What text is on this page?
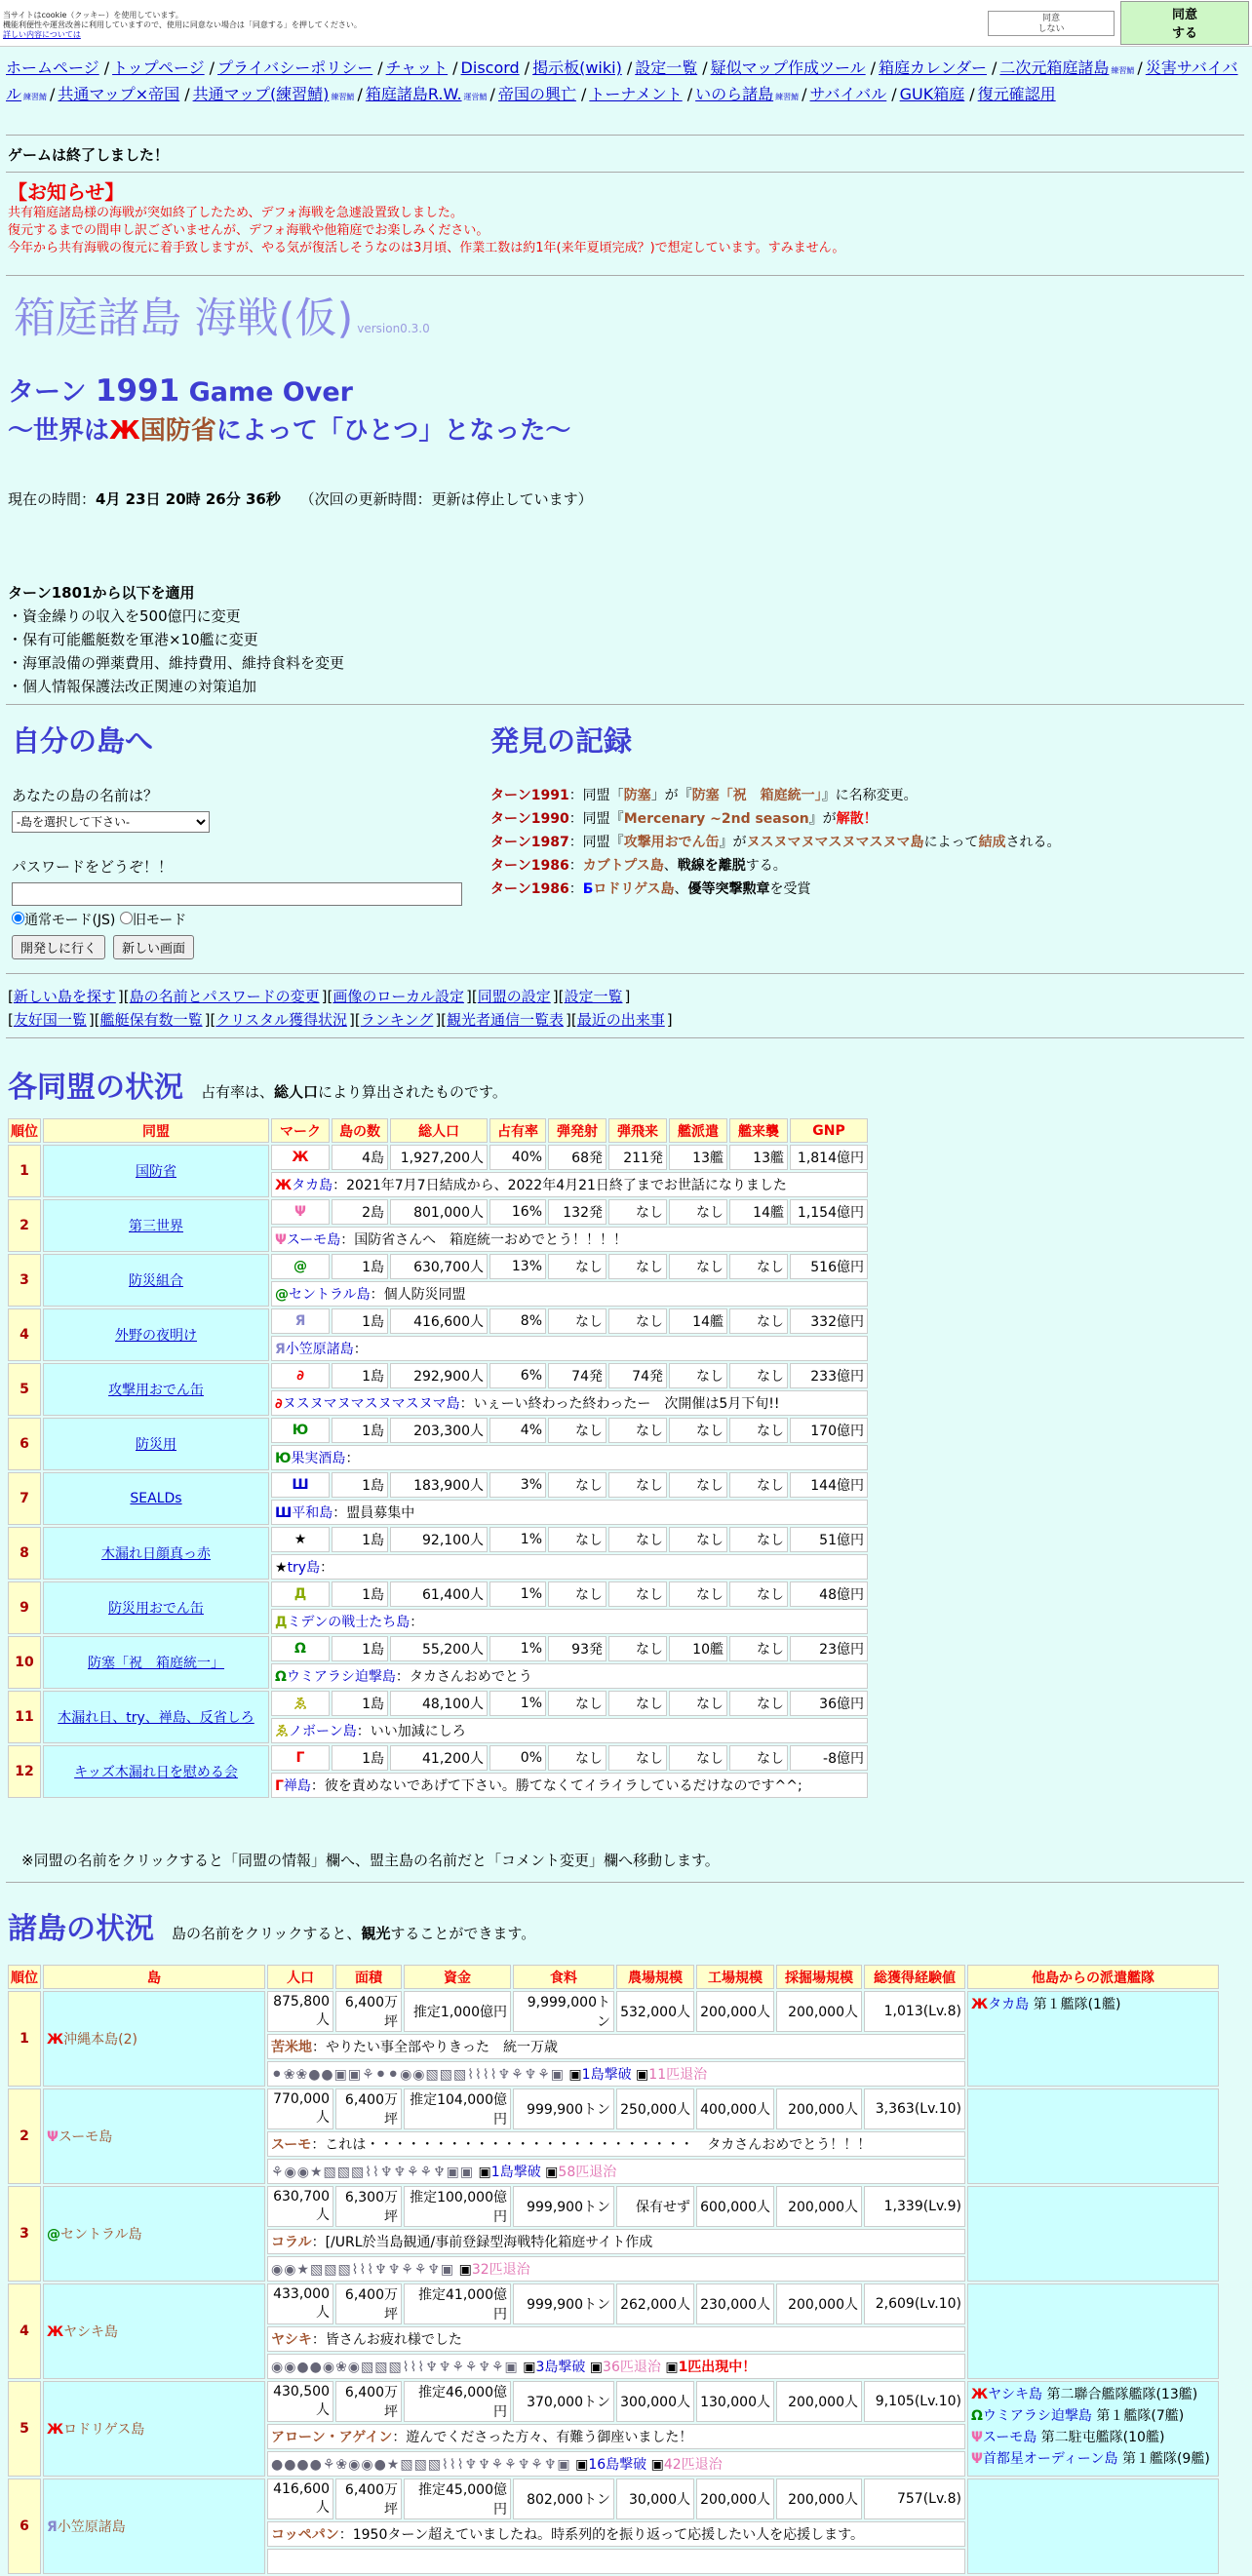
当サイトはcookie（クッキー）を使用しています。
機能利便性や運営改善に利用していますので、使用に同意ない場合は「同意する」を押してください。
詳しい内容については
同意
しない
同意
する
ホームページ / トップページ / プライバシーポリシー / チャット / Discord / 掲示板(wiki) / 設定一覧 / 疑似マップ作成ツール / 箱庭カレンダー / 二次元箱庭諸島 練習鯖 / 災害サバイバル 練習鯖 / 共通マップ×帝国 / 共通マップ(練習鯖) 練習鯖 / 箱庭諸島R.W. 運営鯖 / 帝国の興亡 / トーナメント / いのら諸島 練習鯖 / サバイバル / GUK箱庭 / 復元確認用
ゲームは終了しました！
【お知らせ】
共有箱庭諸島様の海戦が突如終了したため、デフォ海戦を急遽設置致しました。
復元するまでの間申し訳ございませんが、デフォ海戦や他箱庭でお楽しみください。
今年から共有海戦の復元に着手致しますが、やる気が復活しそうなのは3月頃、作業工数は約1年(来年夏頃完成？)で想定しています。すみません。
箱庭諸島 海戦(仮) version0.3.0
ターン 1991 Game Over
〜世界はЖ国防省によって「ひとつ」となった〜
現在の時間：4月 23日 20時 26分 36秒　 （次回の更新時間：更新は停止しています）
ターン1801から以下を適用
・資金繰りの収入を500億円に変更
・保有可能艦艇数を軍港×10艦に変更
・海軍設備の弾薬費用、維持費用、維持食料を変更
・個人情報保護法改正関連の対策追加
自分の島へ	発見の記録
あなたの島の名前は？
-島を選択して下さい-
パスワードをどうぞ！！
通常モード(JS) 旧モード
開発しに行く 新しい画面
ターン1991：同盟「防塞」が『防塞「祝　箱庭統一」』に名称変更。
ターン1990：同盟『Mercenary ~2nd season』が解散！
ターン1987：同盟『攻撃用おでん缶』がヌスヌマヌマスヌマスヌマ島によって結成される。
ターン1986：カブトプス島、戦線を離脱する。
ターン1986：Бロドリゲス島、優等突撃勲章を受賞
[新しい島を探す ][島の名前とパスワードの変更 ][画像のローカル設定 ][同盟の設定 ][設定一覧 ]
[友好国一覧 ][艦艇保有数一覧 ][クリスタル獲得状況 ][ランキング ][観光者通信一覧表 ][最近の出来事 ]
各同盟の状況 占有率は、総人口により算出されたものです。
順位	同盟	マーク	島の数	総人口	占有率	弾発射	弾飛来	艦派遣	艦来襲	GNP
1	国防省	Ж	4島	1,927,200人	40%	68発	211発	13艦	13艦	1,814億円
		Жタカ島：2021年7月7日結成から、2022年4月21日終了までお世話になりました								
2	第三世界	Ψ	2島	801,000人	16%	132発	なし	なし	14艦	1,154億円
		Ψスーモ島：国防省さんへ　箱庭統一おめでとう！！！！								
3	防災組合	@	1島	630,700人	13%	なし	なし	なし	なし	516億円
		@セントラル島：個人防災同盟								
4	外野の夜明け	Я	1島	416,600人	8%	なし	なし	14艦	なし	332億円
		Я小笠原諸島：								
5	攻撃用おでん缶	∂	1島	292,900人	6%	74発	74発	なし	なし	233億円
		∂ヌスヌマヌマスヌマスヌマ島：いぇーい終わった終わったー　次開催は5月下旬!!								
6	防災用	Ю	1島	203,300人	4%	なし	なし	なし	なし	170億円
		Ю果実酒島：								
7	SEALDs	Ш	1島	183,900人	3%	なし	なし	なし	なし	144億円
		Ш平和島：盟員募集中								
8	木漏れ日顔真っ赤	★	1島	92,100人	1%	なし	なし	なし	なし	51億円
		★try島：								
9	防災用おでん缶	Д	1島	61,400人	1%	なし	なし	なし	なし	48億円
		Дミデンの戦士たち島：								
10	防塞「祝　箱庭統一」	Ω	1島	55,200人	1%	93発	なし	10艦	なし	23億円
		Ωウミアラシ迫撃島：タカさんおめでとう								
11	木漏れ日、try、禅島、反省しろ	ゑ	1島	48,100人	1%	なし	なし	なし	なし	36億円
		ゑノボーン島：いい加減にしろ								
12	キッズ木漏れ日を慰める会	Г	1島	41,200人	0%	なし	なし	なし	なし	-8億円
		Г禅島：彼を責めないであげて下さい。勝てなくてイライラしているだけなのです^^;								
※同盟の名前をクリックすると「同盟の情報」欄へ、盟主島の名前だと「コメント変更」欄へ移動します。
諸島の状況 島の名前をクリックすると、観光することができます。
順位	島	人口	面積	資金	食料	農場規模	工場規模	採掘場規模	総獲得経験値	他島からの派遣艦隊
1	Ж沖縄本島(2)	875,800人	6,400万坪	推定1,000億円	9,999,000トン	532,000人	200,000人	200,000人	1,013(Lv.8)	Жタカ島 第１艦隊(1艦)

		苦米地：やりたい事全部やりきった　統一万歳								
		⚫❀❀●●▣▣⚘⚫⚫◉◉▧▧▧⌇⌇⌇⌇♆⚘♆⚘▣ ▣1島撃破 ▣11匹退治								
2	Ψスーモ島	770,000人	6,400万坪	推定104,000億円	999,900トン	250,000人	400,000人	200,000人	3,363(Lv.10)	
		スーモ：これは・・・・・・・・・・・・・・・・・・・・・・・・　タカさんおめでとう！！！								
		⚘◉◉★▧▧▧⌇⌇♆♆⚘⚘♆▣▣ ▣1島撃破 ▣58匹退治								
3	@セントラル島	630,700人	6,300万坪	推定100,000億円	999,900トン	保有せず	600,000人	200,000人	1,339(Lv.9)	
		コラル：[/URL於当島観通/事前登録型海戦特化箱庭サイト作成								
		◉◉★▧▧▧⌇⌇⌇♆♆⚘⚘♆▣ ▣32匹退治								
4	Жヤシキ島	433,000人	6,400万坪	推定41,000億円	999,900トン	262,000人	230,000人	200,000人	2,609(Lv.10)	
		ヤシキ：皆さんお疲れ様でした								
		◉◉●●◉❀◉▧▧▧⌇⌇⌇♆♆⚘⚘♆⚘▣ ▣3島撃破 ▣36匹退治 ▣1匹出現中！								
5	Жロドリゲス島	430,500人	6,400万坪	推定46,000億円	370,000トン	300,000人	130,000人	200,000人	9,105(Lv.10)	Жヤシキ島 第二聯合艦隊艦隊(13艦)
Ωウミアラシ迫撃島 第１艦隊(7艦)
Ψスーモ島 第二駐屯艦隊(10艦)
Ψ首都星オーディーン島 第１艦隊(9艦)

		アローン・アゲイン：遊んでくださった方々、有難う御座いました！								
		●●●●⚘❀◉◉●★▧▧▧⌇⌇⌇♆♆⚘⚘♆⚘♆▣ ▣16島撃破 ▣42匹退治								
6	Я小笠原諸島	416,600人	6,400万坪	推定45,000億円	802,000トン	30,000人	200,000人	200,000人	757(Lv.8)	
		コッペパン：1950ターン超えていましたね。時系列的を振り返って応援したい人を応援します。								
